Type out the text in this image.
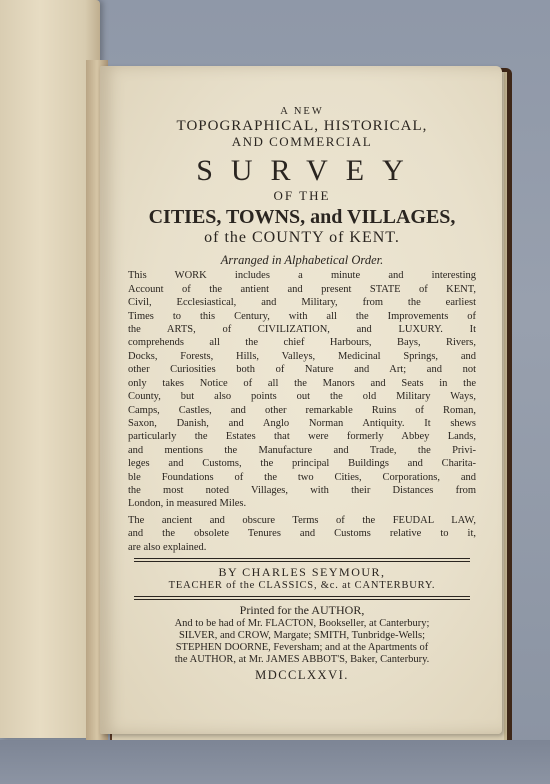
A NEW
TOPOGRAPHICAL, HISTORICAL,
AND COMMERCIAL
SURVEY
OF THE
CITIES, TOWNS, and VILLAGES,
of the COUNTY of KENT.
Arranged in Alphabetical Order.
This WORK includes a minute and interesting
Account of the antient and present STATE of KENT,
Civil, Ecclesiastical, and Military, from the earliest
Times to this Century, with all the Improvements of
the ARTS, of CIVILIZATION, and LUXURY. It
comprehends all the chief Harbours, Bays, Rivers,
Docks, Forests, Hills, Valleys, Medicinal Springs, and
other Curiosities both of Nature and Art; and not
only takes Notice of all the Manors and Seats in the
County, but also points out the old Military Ways,
Camps, Castles, and other remarkable Ruins of Roman,
Saxon, Danish, and Anglo Norman Antiquity. It shews
particularly the Estates that were formerly Abbey Lands,
and mentions the Manufacture and Trade, the Privi-
leges and Customs, the principal Buildings and Charita-
ble Foundations of the two Cities, Corporations, and
the most noted Villages, with their Distances from
London, in measured Miles.
The ancient and obscure Terms of the FEUDAL LAW,
and the obsolete Tenures and Customs relative to it,
are also explained.
BY CHARLES SEYMOUR,
TEACHER of the CLASSICS, &c. at CANTERBURY.
Printed for the AUTHOR,
And to be had of Mr. FLACTON, Bookseller, at Canterbury;
SILVER, and CROW, Margate; SMITH, Tunbridge-Wells;
STEPHEN DOORNE, Feversham; and at the Apartments of
the AUTHOR, at Mr. JAMES ABBOT'S, Baker, Canterbury.
MDCCLXXVI.
